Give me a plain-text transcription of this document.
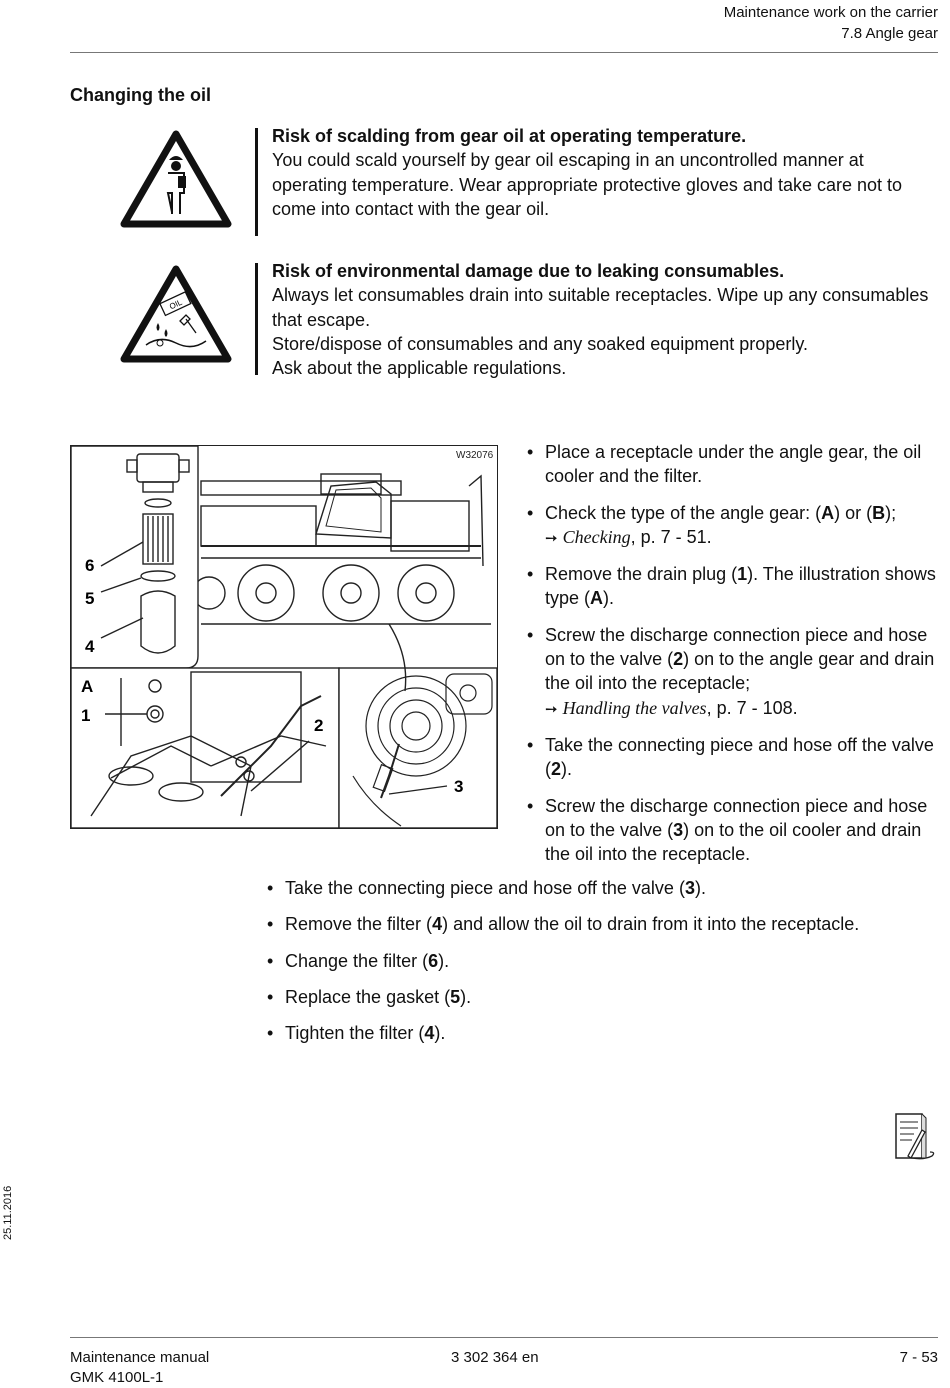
Maintenance work on the carrier
7.8 Angle gear
Changing the oil
Risk of scalding from gear oil at operating temperature.
You could scald yourself by gear oil escaping in an uncontrolled manner at operating temperature. Wear appropriate protective gloves and take care not to come into contact with the gear oil.
OIL
Risk of environmental damage due to leaking consumables.
Always let consumables drain into suitable receptacles. Wipe up any consumables that escape.
Store/dispose of consumables and any soaked equipment properly.
Ask about the applicable regulations.
W32076
6
5
4
A
1
2
3
• Place a receptacle under the angle gear, the oil cooler and the filter.
• Check the type of the angle gear: (A) or (B);
➙ Checking, p. 7 - 51.
• Remove the drain plug (1). The illustration shows type (A).
• Screw the discharge connection piece and hose on to the valve (2) on to the angle gear and drain the oil into the receptacle;
➙ Handling the valves, p. 7 - 108.
• Take the connecting piece and hose off the valve (2).
• Screw the discharge connection piece and hose on to the valve (3) on to the oil cooler and drain the oil into the receptacle.
• Take the connecting piece and hose off the valve (3).
• Remove the filter (4) and allow the oil to drain from it into the receptacle.
• Change the filter (6).
• Replace the gasket (5).
• Tighten the filter (4).
25.11.2016
Maintenance manual
GMK 4100L-1
3 302 364 en	7 - 53
